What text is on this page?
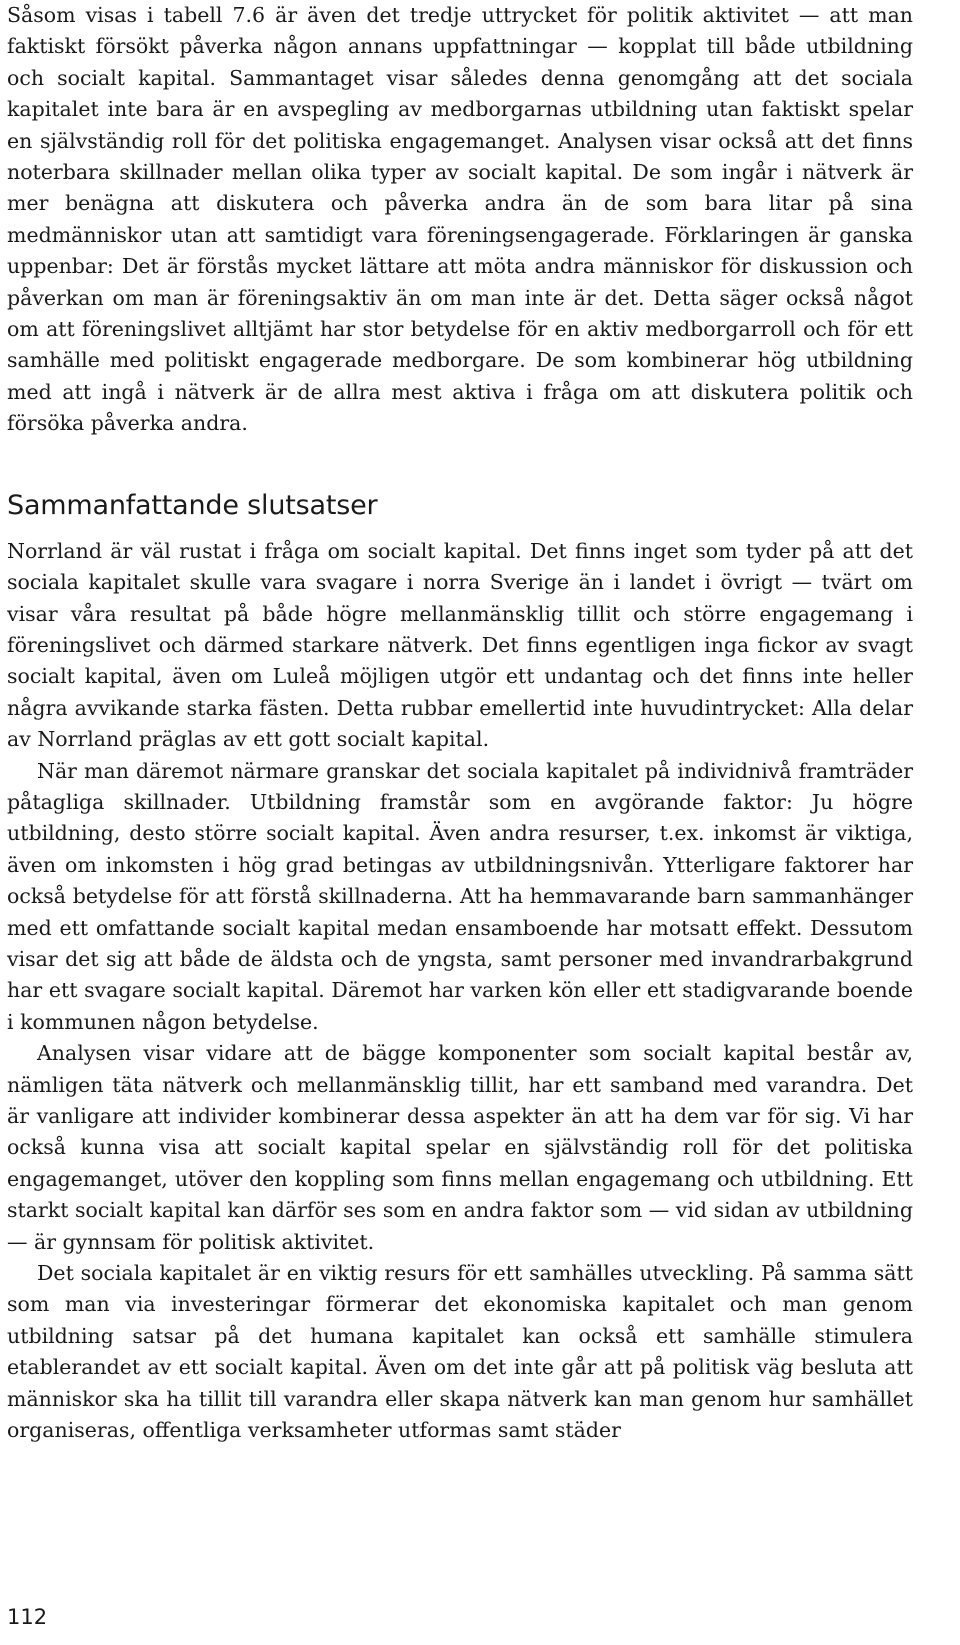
Såsom visas i tabell 7.6 är även det tredje uttrycket för politik aktivitet — att man faktiskt försökt påverka någon annans uppfattningar — kopplat till både utbildning och socialt kapital. Sammantaget visar således denna genomgång att det sociala kapitalet inte bara är en avspegling av medborgarnas utbildning utan faktiskt spelar en självständig roll för det politiska engagemanget. Analysen visar också att det finns noterbara skillnader mellan olika typer av socialt kapital. De som ingår i nätverk är mer benägna att diskutera och påverka andra än de som bara litar på sina medmänniskor utan att samtidigt vara föreningsengagerade. Förklaringen är ganska uppenbar: Det är förstås mycket lättare att möta andra människor för diskussion och påverkan om man är föreningsaktiv än om man inte är det. Detta säger också något om att föreningslivet alltjämt har stor betydelse för en aktiv medborgarroll och för ett samhälle med politiskt engagerade medborgare. De som kombinerar hög utbildning med att ingå i nätverk är de allra mest aktiva i fråga om att diskutera politik och försöka påverka andra.

Sammanfattande slutsatser

Norrland är väl rustat i fråga om socialt kapital. Det finns inget som tyder på att det sociala kapitalet skulle vara svagare i norra Sverige än i landet i övrigt — tvärt om visar våra resultat på både högre mellanmänsklig tillit och större engagemang i föreningslivet och därmed starkare nätverk. Det finns egentligen inga fickor av svagt socialt kapital, även om Luleå möjligen utgör ett undantag och det finns inte heller några avvikande starka fästen. Detta rubbar emellertid inte huvudintrycket: Alla delar av Norrland präglas av ett gott socialt kapital.

När man däremot närmare granskar det sociala kapitalet på individnivå framträder påtagliga skillnader. Utbildning framstår som en avgörande faktor: Ju högre utbildning, desto större socialt kapital. Även andra resurser, t.ex. inkomst är viktiga, även om inkomsten i hög grad betingas av utbildningsnivån. Ytterligare faktorer har också betydelse för att förstå skillnaderna. Att ha hemmavarande barn sammanhänger med ett omfattande socialt kapital medan ensamboende har motsatt effekt. Dessutom visar det sig att både de äldsta och de yngsta, samt personer med invandrarbakgrund har ett svagare socialt kapital. Däremot har varken kön eller ett stadigvarande boende i kommunen någon betydelse.

Analysen visar vidare att de bägge komponenter som socialt kapital består av, nämligen täta nätverk och mellanmänsklig tillit, har ett samband med varandra. Det är vanligare att individer kombinerar dessa aspekter än att ha dem var för sig. Vi har också kunna visa att socialt kapital spelar en självständig roll för det politiska engagemanget, utöver den koppling som finns mellan engagemang och utbildning. Ett starkt socialt kapital kan därför ses som en andra faktor som — vid sidan av utbildning — är gynnsam för politisk aktivitet.

Det sociala kapitalet är en viktig resurs för ett samhälles utveckling. På samma sätt som man via investeringar förmerar det ekonomiska kapitalet och man genom utbildning satsar på det humana kapitalet kan också ett samhälle stimulera etablerandet av ett socialt kapital. Även om det inte går att på politisk väg besluta att människor ska ha tillit till varandra eller skapa nätverk kan man genom hur samhället organiseras, offentliga verksamheter utformas samt städer

112
